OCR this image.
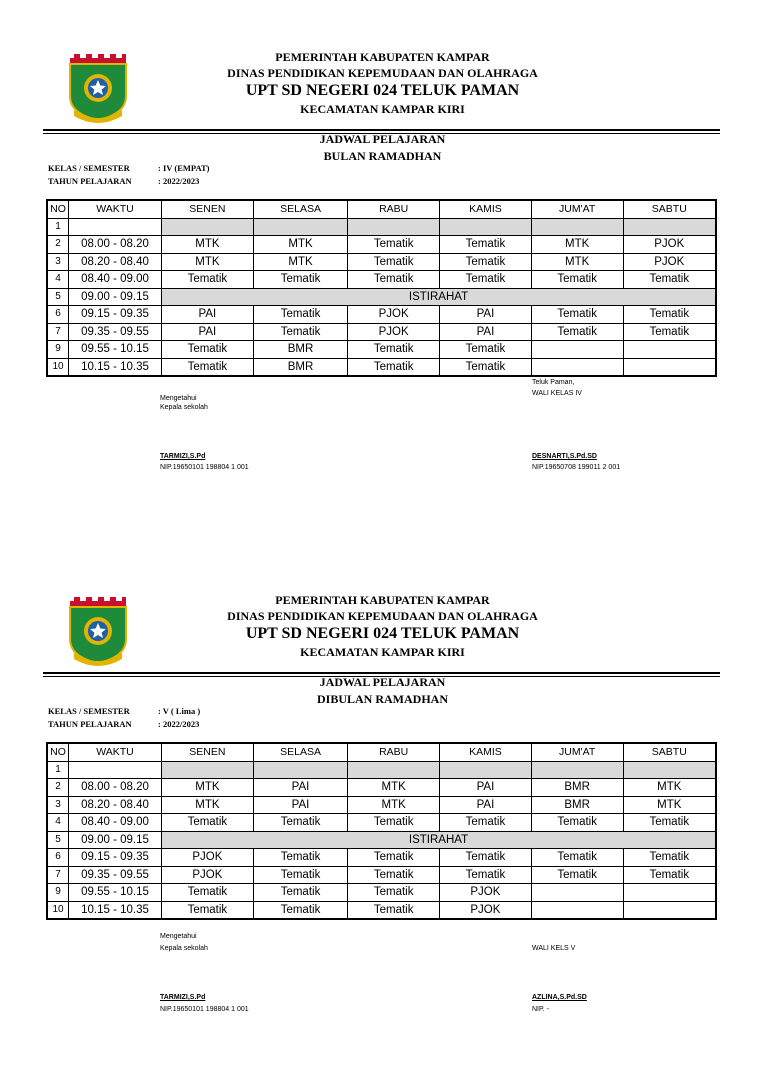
PEMERINTAH KABUPATEN KAMPAR
DINAS PENDIDIKAN KEPEMUDAAN DAN OLAHRAGA
UPT SD NEGERI 024 TELUK PAMAN
KECAMATAN KAMPAR KIRI
JADWAL PELAJARAN
BULAN RAMADHAN
KELAS / SEMESTER	: IV (EMPAT)
TAHUN PELAJARAN	: 2022/2023
NO	WAKTU	SENEN	SELASA	RABU	KAMIS	JUM'AT	SABTU
1							
2	08.00 - 08.20	MTK	MTK	Tematik	Tematik	MTK	PJOK
3	08.20 - 08.40	MTK	MTK	Tematik	Tematik	MTK	PJOK
4	08.40 - 09.00	Tematik	Tematik	Tematik	Tematik	Tematik	Tematik
5	09.00 - 09.15	ISTIRAHAT					
6	09.15 - 09.35	PAI	Tematik	PJOK	PAI	Tematik	Tematik
7	09.35 - 09.55	PAI	Tematik	PJOK	PAI	Tematik	Tematik
9	09.55 - 10.15	Tematik	BMR	Tematik	Tematik		
10	10.15 - 10.35	Tematik	BMR	Tematik	Tematik		
Mengetahui
Kepala sekolah
TARMIZI,S.Pd
NIP.19650101 198804 1 001
Teluk Paman,
WALI KELAS IV
DESNARTI,S.Pd.SD
NIP.19650708 199011 2 001
PEMERINTAH KABUPATEN KAMPAR
DINAS PENDIDIKAN KEPEMUDAAN DAN OLAHRAGA
UPT SD NEGERI 024 TELUK PAMAN
KECAMATAN KAMPAR KIRI
JADWAL PELAJARAN
DIBULAN RAMADHAN
KELAS / SEMESTER	: V ( Lima )
TAHUN PELAJARAN	: 2022/2023
NO	WAKTU	SENEN	SELASA	RABU	KAMIS	JUM'AT	SABTU
1							
2	08.00 - 08.20	MTK	PAI	MTK	PAI	BMR	MTK
3	08.20 - 08.40	MTK	PAI	MTK	PAI	BMR	MTK
4	08.40 - 09.00	Tematik	Tematik	Tematik	Tematik	Tematik	Tematik
5	09.00 - 09.15	ISTIRAHAT					
6	09.15 - 09.35	PJOK	Tematik	Tematik	Tematik	Tematik	Tematik
7	09.35 - 09.55	PJOK	Tematik	Tematik	Tematik	Tematik	Tematik
9	09.55 - 10.15	Tematik	Tematik	Tematik	PJOK		
10	10.15 - 10.35	Tematik	Tematik	Tematik	PJOK		
Mengetahui
Kepala sekolah
TARMIZI,S.Pd
NIP.19650101 198804 1 001
WALI KELS V
AZLINA,S.Pd.SD
NIP. -
